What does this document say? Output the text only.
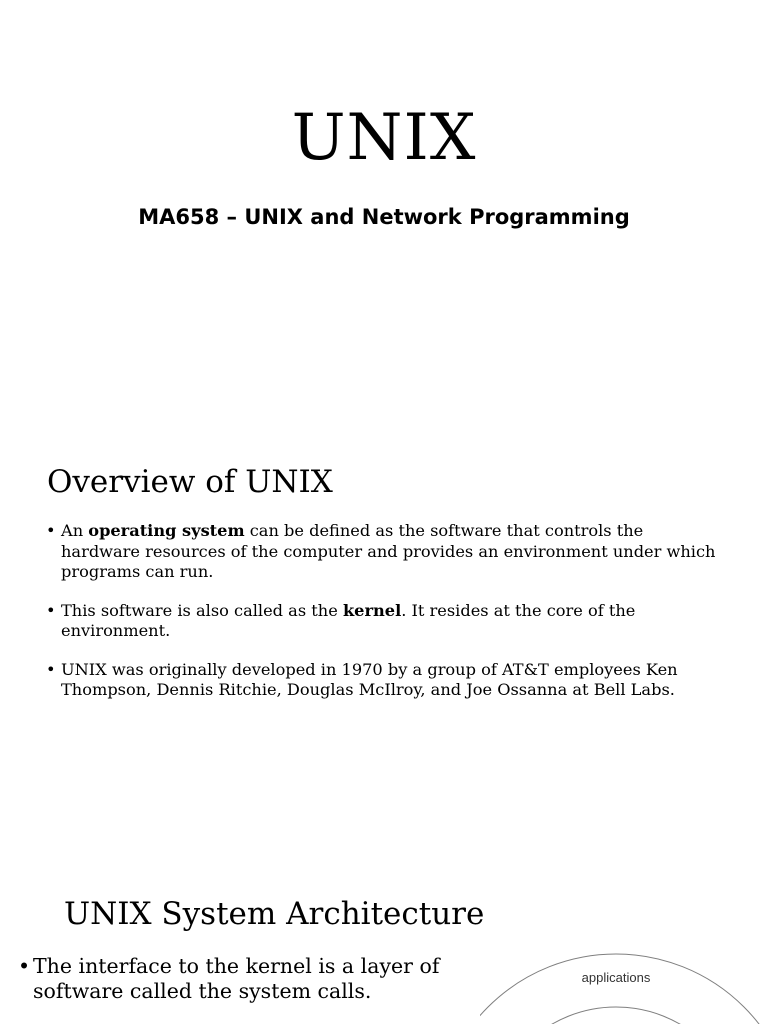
UNIX
MA658 – UNIX and Network Programming
Overview of UNIX
• An operating system can be defined as the software that controls the hardware resources of the computer and provides an environment under which programs can run.
• This software is also called as the kernel. It resides at the core of the environment.
• UNIX was originally developed in 1970 by a group of AT&T employees Ken Thompson, Dennis Ritchie, Douglas McIlroy, and Joe Ossanna at Bell Labs.
UNIX System Architecture
• The interface to the kernel is a layer of software called the system calls.
applications
